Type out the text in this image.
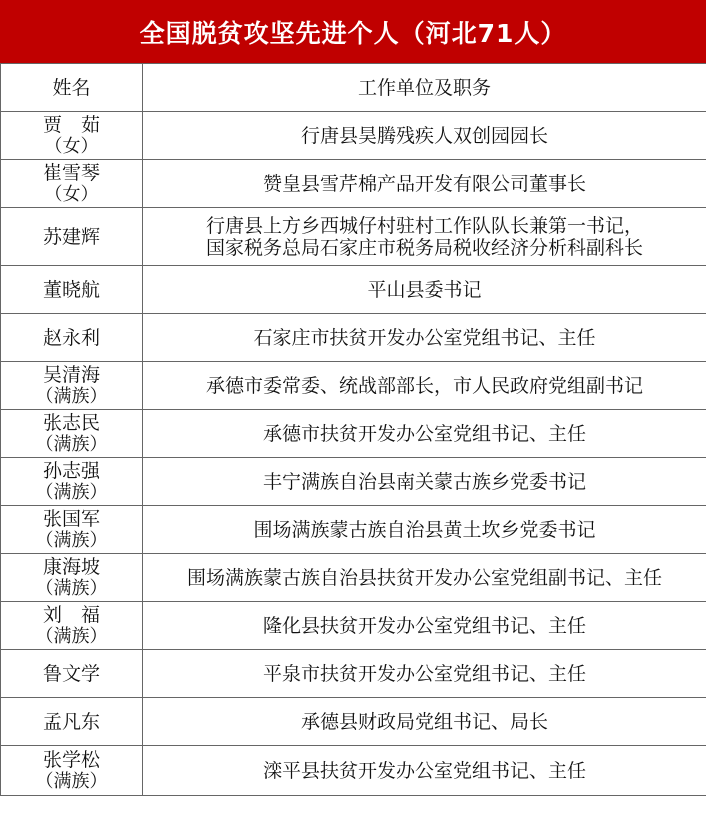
全国脱贫攻坚先进个人（河北71人）
姓名	工作单位及职务

贾　茹
（女）	行唐县昊腾残疾人双创园园长

崔雪琴
（女）	赞皇县雪芹棉产品开发有限公司董事长

苏建辉	行唐县上方乡西城仔村驻村工作队队长兼第一书记，
国家税务总局石家庄市税务局税收经济分析科副科长

董晓航	平山县委书记

赵永利	石家庄市扶贫开发办公室党组书记、主任

吴清海
（满族）	承德市委常委、统战部部长，市人民政府党组副书记

张志民
（满族）	承德市扶贫开发办公室党组书记、主任

孙志强
（满族）	丰宁满族自治县南关蒙古族乡党委书记

张国军
（满族）	围场满族蒙古族自治县黄土坎乡党委书记

康海坡
（满族）	围场满族蒙古族自治县扶贫开发办公室党组副书记、主任

刘　福
（满族）	隆化县扶贫开发办公室党组书记、主任

鲁文学	平泉市扶贫开发办公室党组书记、主任

孟凡东	承德县财政局党组书记、局长

张学松
（满族）	滦平县扶贫开发办公室党组书记、主任
